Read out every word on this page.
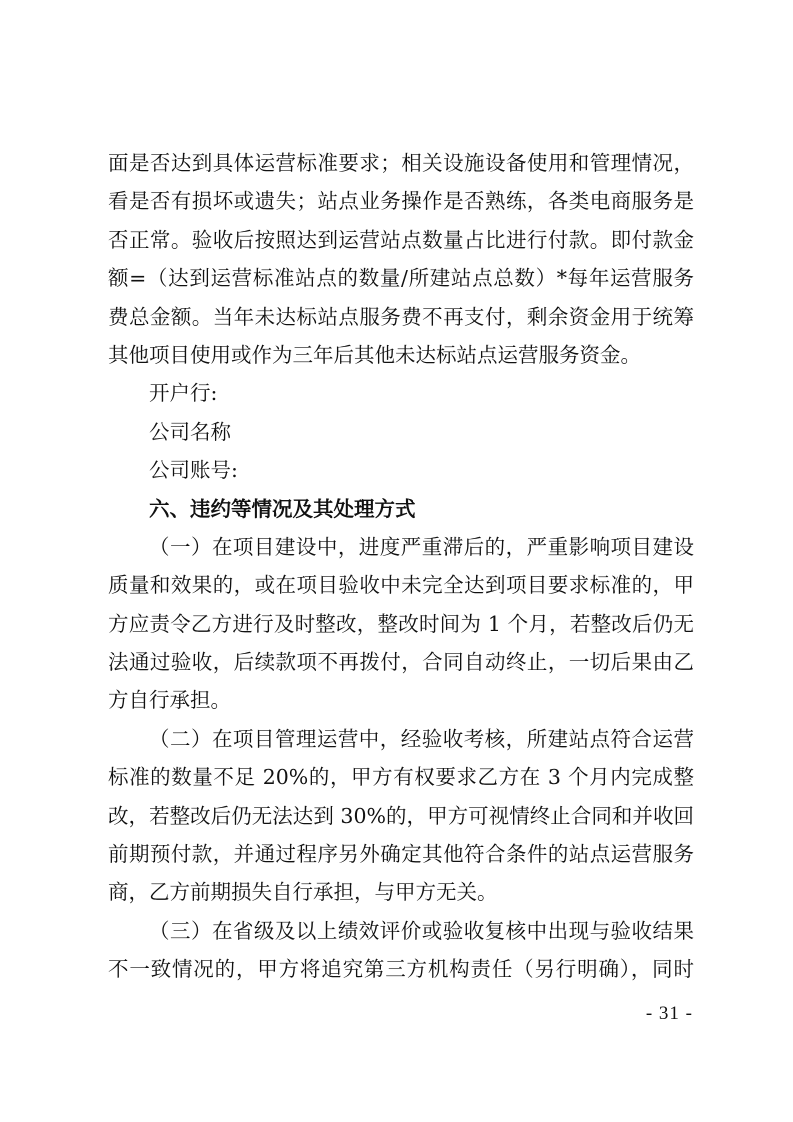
面是否达到具体运营标准要求；相关设施设备使用和管理情况，
看是否有损坏或遗失；站点业务操作是否熟练，各类电商服务是
否正常。验收后按照达到运营站点数量占比进行付款。即付款金
额=（达到运营标准站点的数量/所建站点总数）*每年运营服务
费总金额。当年未达标站点服务费不再支付，剩余资金用于统筹
其他项目使用或作为三年后其他未达标站点运营服务资金。
开户行:
公司名称
公司账号:
六、违约等情况及其处理方式
（一）在项目建设中，进度严重滞后的，严重影响项目建设
质量和效果的，或在项目验收中未完全达到项目要求标准的，甲
方应责令乙方进行及时整改，整改时间为 1 个月，若整改后仍无
法通过验收，后续款项不再拨付，合同自动终止，一切后果由乙
方自行承担。
（二）在项目管理运营中，经验收考核，所建站点符合运营
标准的数量不足 20%的，甲方有权要求乙方在 3 个月内完成整
改，若整改后仍无法达到 30%的，甲方可视情终止合同和并收回
前期预付款，并通过程序另外确定其他符合条件的站点运营服务
商，乙方前期损失自行承担，与甲方无关。
（三）在省级及以上绩效评价或验收复核中出现与验收结果
不一致情况的，甲方将追究第三方机构责任（另行明确），同时
- 31 -
